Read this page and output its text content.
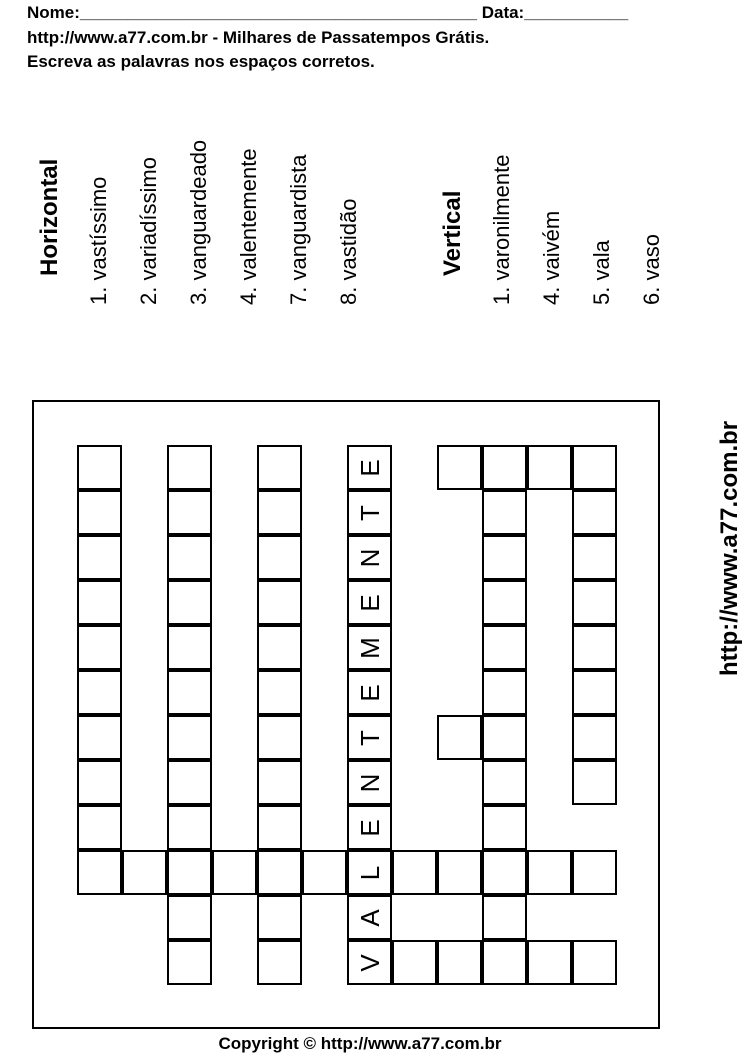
Nome:__________________________________________ Data:___________
http://www.a77.com.br - Milhares de Passatempos Grátis.
Escreva as palavras nos espaços corretos.
Horizontal
1. vastíssimo
2. variadíssimo
3. vanguardeado
4. valentemente
7. vanguardista
8. vastidão	Vertical
1. varonilmente
4. vaivém
5. vala
6. vaso
E
T
N
E
M
E
T
N
E
L
A
V
http://www.a77.com.br
Copyright © http://www.a77.com.br
